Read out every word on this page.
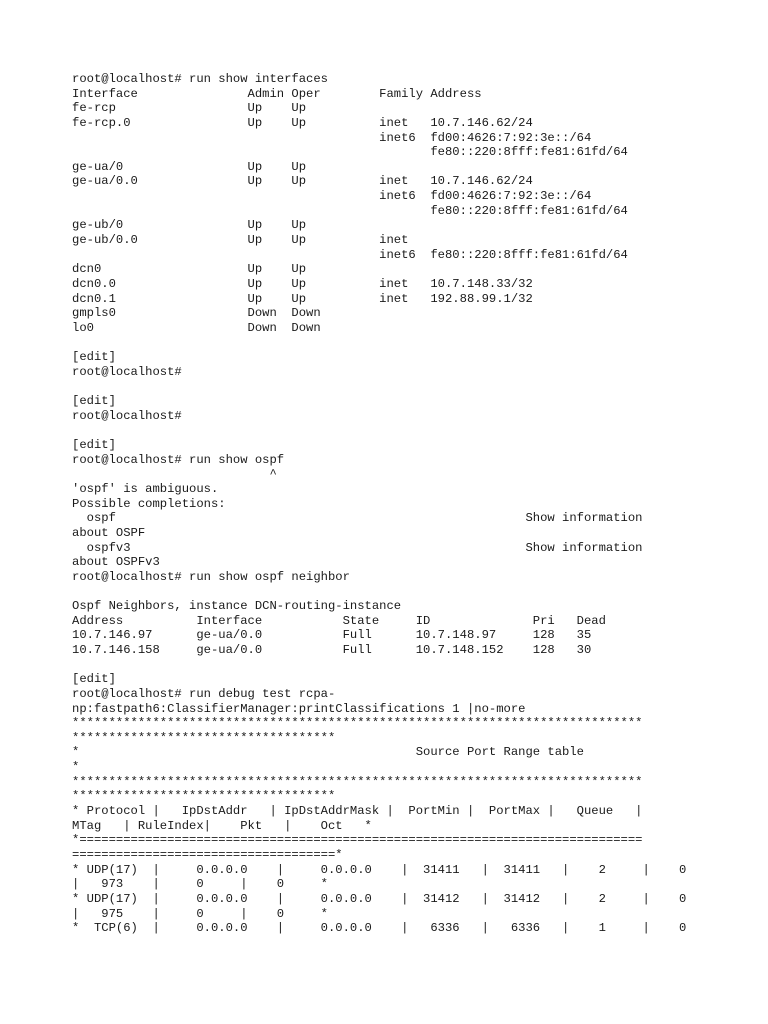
root@localhost# run show interfaces
Interface               Admin Oper        Family Address
fe-rcp                  Up    Up
fe-rcp.0                Up    Up          inet   10.7.146.62/24
inet6  fd00:4626:7:92:3e::/64
fe80::220:8fff:fe81:61fd/64
ge-ua/0                 Up    Up
ge-ua/0.0               Up    Up          inet   10.7.146.62/24
inet6  fd00:4626:7:92:3e::/64
fe80::220:8fff:fe81:61fd/64
ge-ub/0                 Up    Up
ge-ub/0.0               Up    Up          inet
inet6  fe80::220:8fff:fe81:61fd/64
dcn0                    Up    Up
dcn0.0                  Up    Up          inet   10.7.148.33/32
dcn0.1                  Up    Up          inet   192.88.99.1/32
gmpls0                  Down  Down
lo0                     Down  Down

[edit]
root@localhost#

[edit]
root@localhost#

[edit]
root@localhost# run show ospf
^
'ospf' is ambiguous.
Possible completions:
ospf                                                        Show information
about OSPF
ospfv3                                                      Show information
about OSPFv3
root@localhost# run show ospf neighbor

Ospf Neighbors, instance DCN-routing-instance
Address          Interface           State     ID              Pri   Dead
10.7.146.97      ge-ua/0.0           Full      10.7.148.97     128   35
10.7.146.158     ge-ua/0.0           Full      10.7.148.152    128   30

[edit]
root@localhost# run debug test rcpa-
np:fastpath6:ClassifierManager:printClassifications 1 |no-more
******************************************************************************
************************************
*                                              Source Port Range table
*
******************************************************************************
************************************
* Protocol |   IpDstAddr   | IpDstAddrMask |  PortMin |  PortMax |   Queue   |
MTag   | RuleIndex|    Pkt   |    Oct   *
*=============================================================================
====================================*
* UDP(17)  |     0.0.0.0    |     0.0.0.0    |  31411   |  31411   |    2     |    0
|   973    |     0     |    0     *
* UDP(17)  |     0.0.0.0    |     0.0.0.0    |  31412   |  31412   |    2     |    0
|   975    |     0     |    0     *
*  TCP(6)  |     0.0.0.0    |     0.0.0.0    |   6336   |   6336   |    1     |    0
